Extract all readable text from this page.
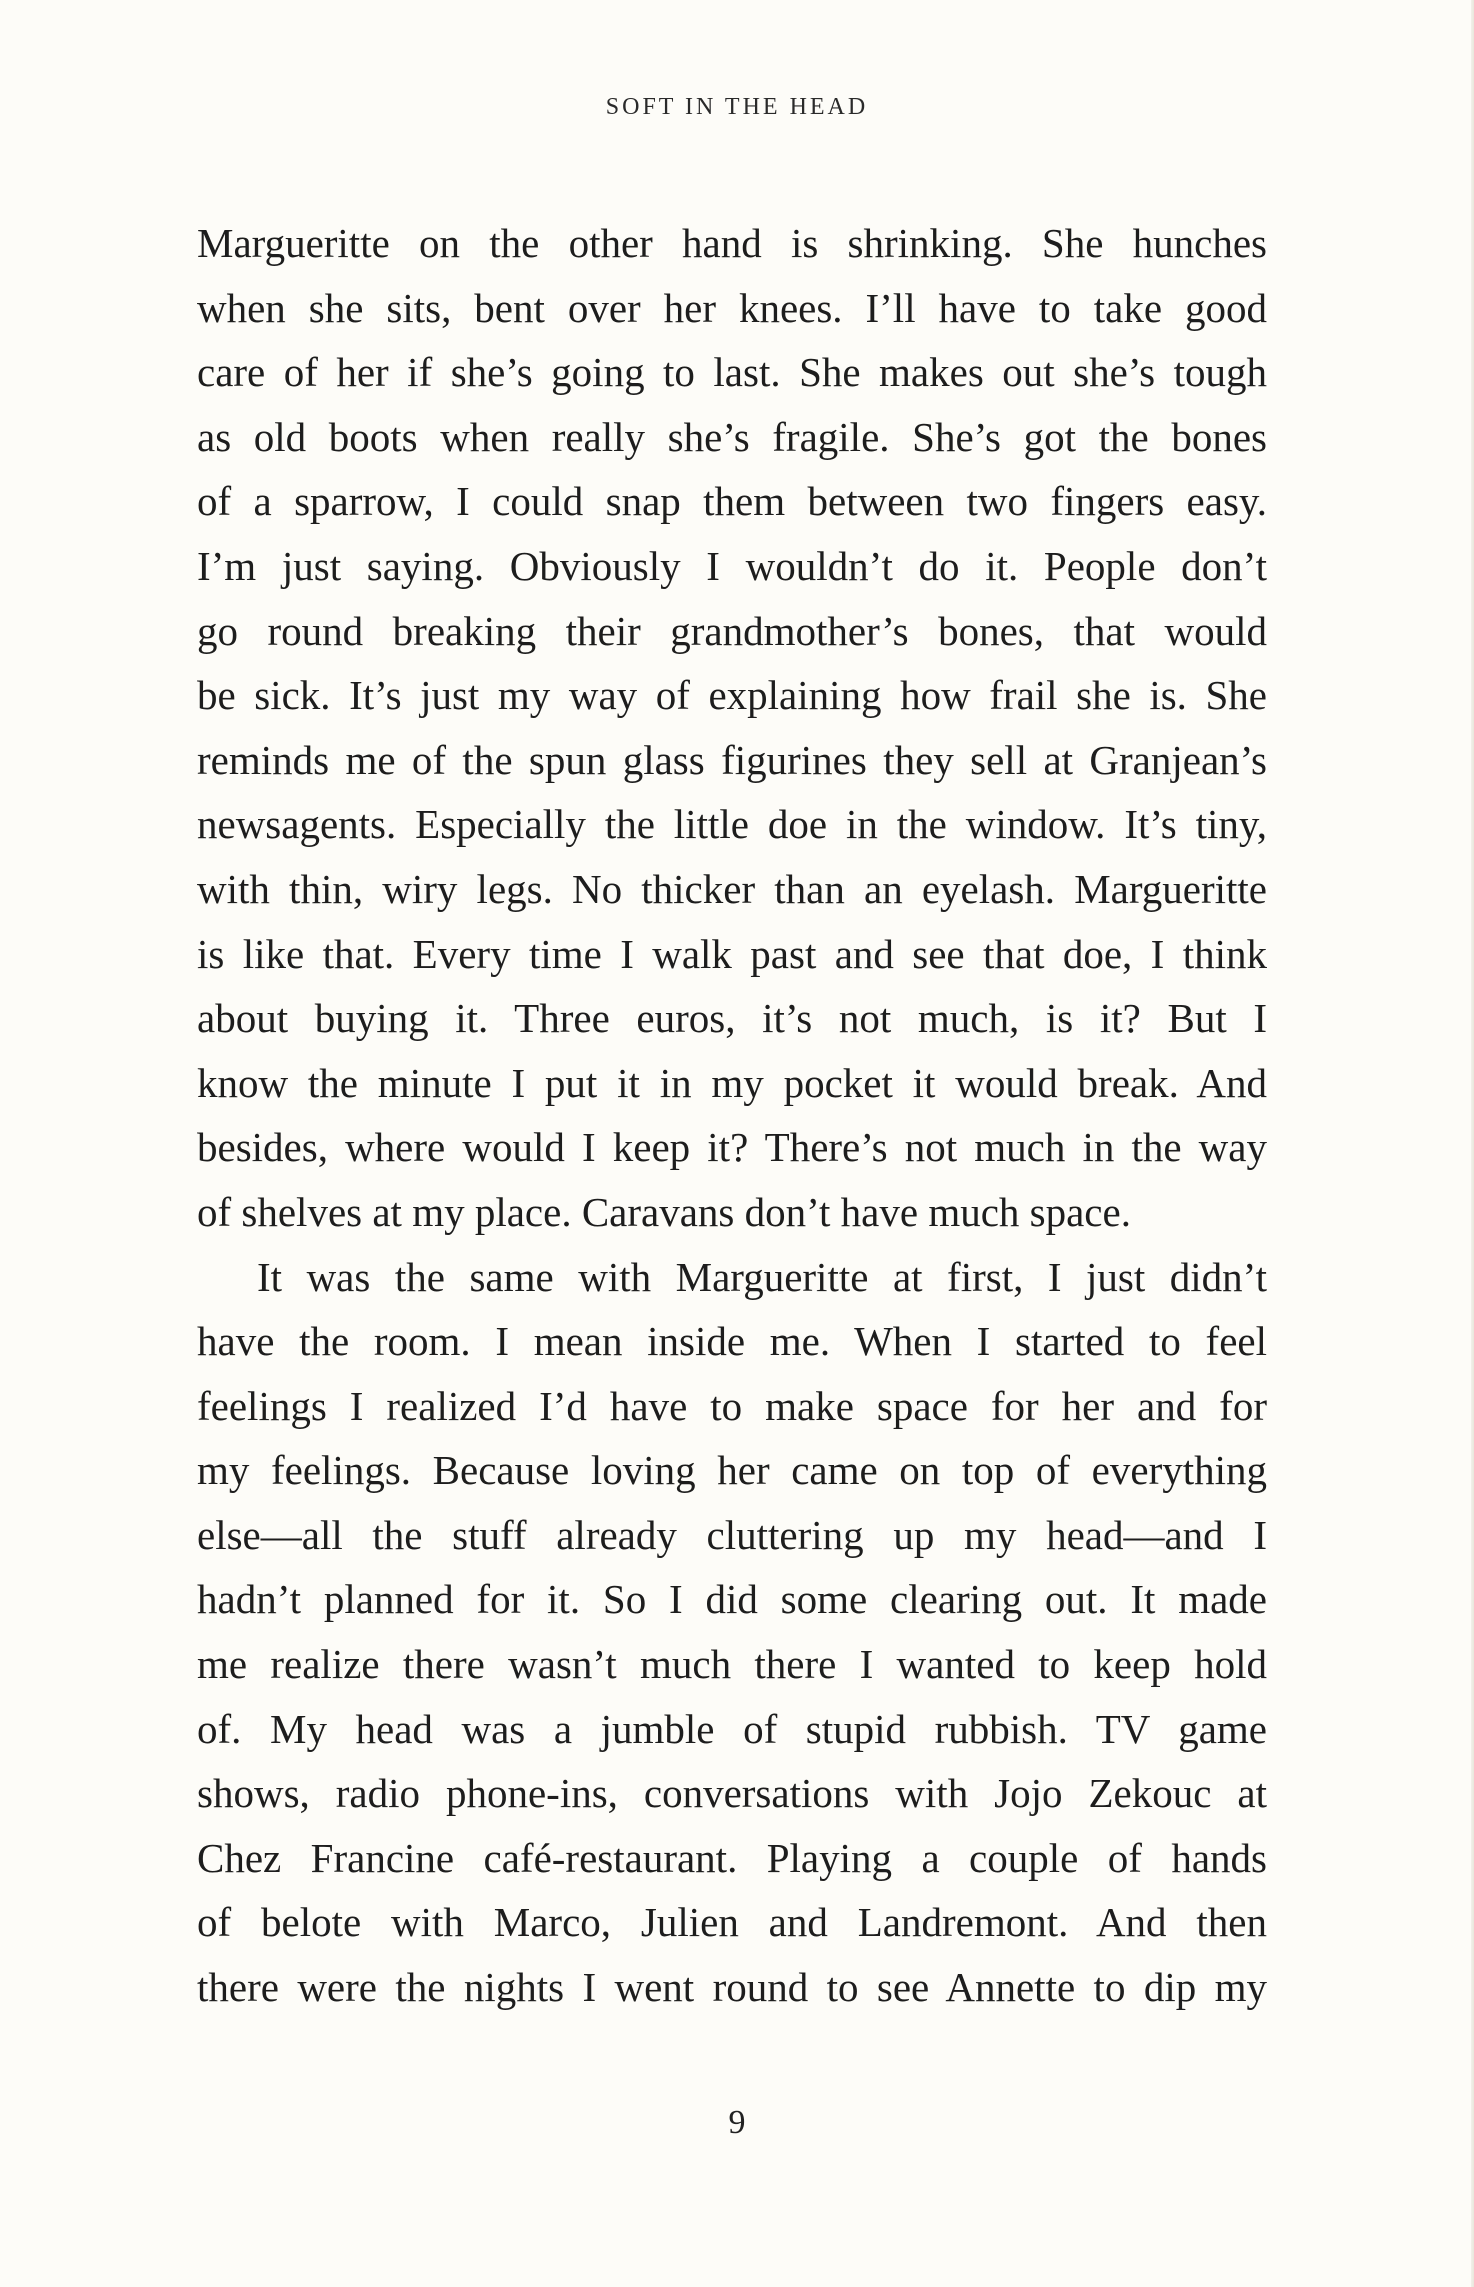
SOFT IN THE HEAD

Margueritte on the other hand is shrinking. She hunches

when she sits, bent over her knees. I’ll have to take good

care of her if she’s going to last. She makes out she’s tough

as old boots when really she’s fragile. She’s got the bones

of a sparrow, I could snap them between two fingers easy.

I’m just saying. Obviously I wouldn’t do it. People don’t

go round breaking their grandmother’s bones, that would

be sick. It’s just my way of explaining how frail she is. She

reminds me of the spun glass figurines they sell at Granjean’s

newsagents. Especially the little doe in the window. It’s tiny,

with thin, wiry legs. No thicker than an eyelash. Margueritte

is like that. Every time I walk past and see that doe, I think

about buying it. Three euros, it’s not much, is it? But I

know the minute I put it in my pocket it would break. And

besides, where would I keep it? There’s not much in the way

of shelves at my place. Caravans don’t have much space.

It was the same with Margueritte at first, I just didn’t

have the room. I mean inside me. When I started to feel

feelings I realized I’d have to make space for her and for

my feelings. Because loving her came on top of everything

else—all the stuff already cluttering up my head—and I

hadn’t planned for it. So I did some clearing out. It made

me realize there wasn’t much there I wanted to keep hold

of. My head was a jumble of stupid rubbish. TV game

shows, radio phone-ins, conversations with Jojo Zekouc at

Chez Francine café-restaurant. Playing a couple of hands

of belote with Marco, Julien and Landremont. And then

there were the nights I went round to see Annette to dip my

9
